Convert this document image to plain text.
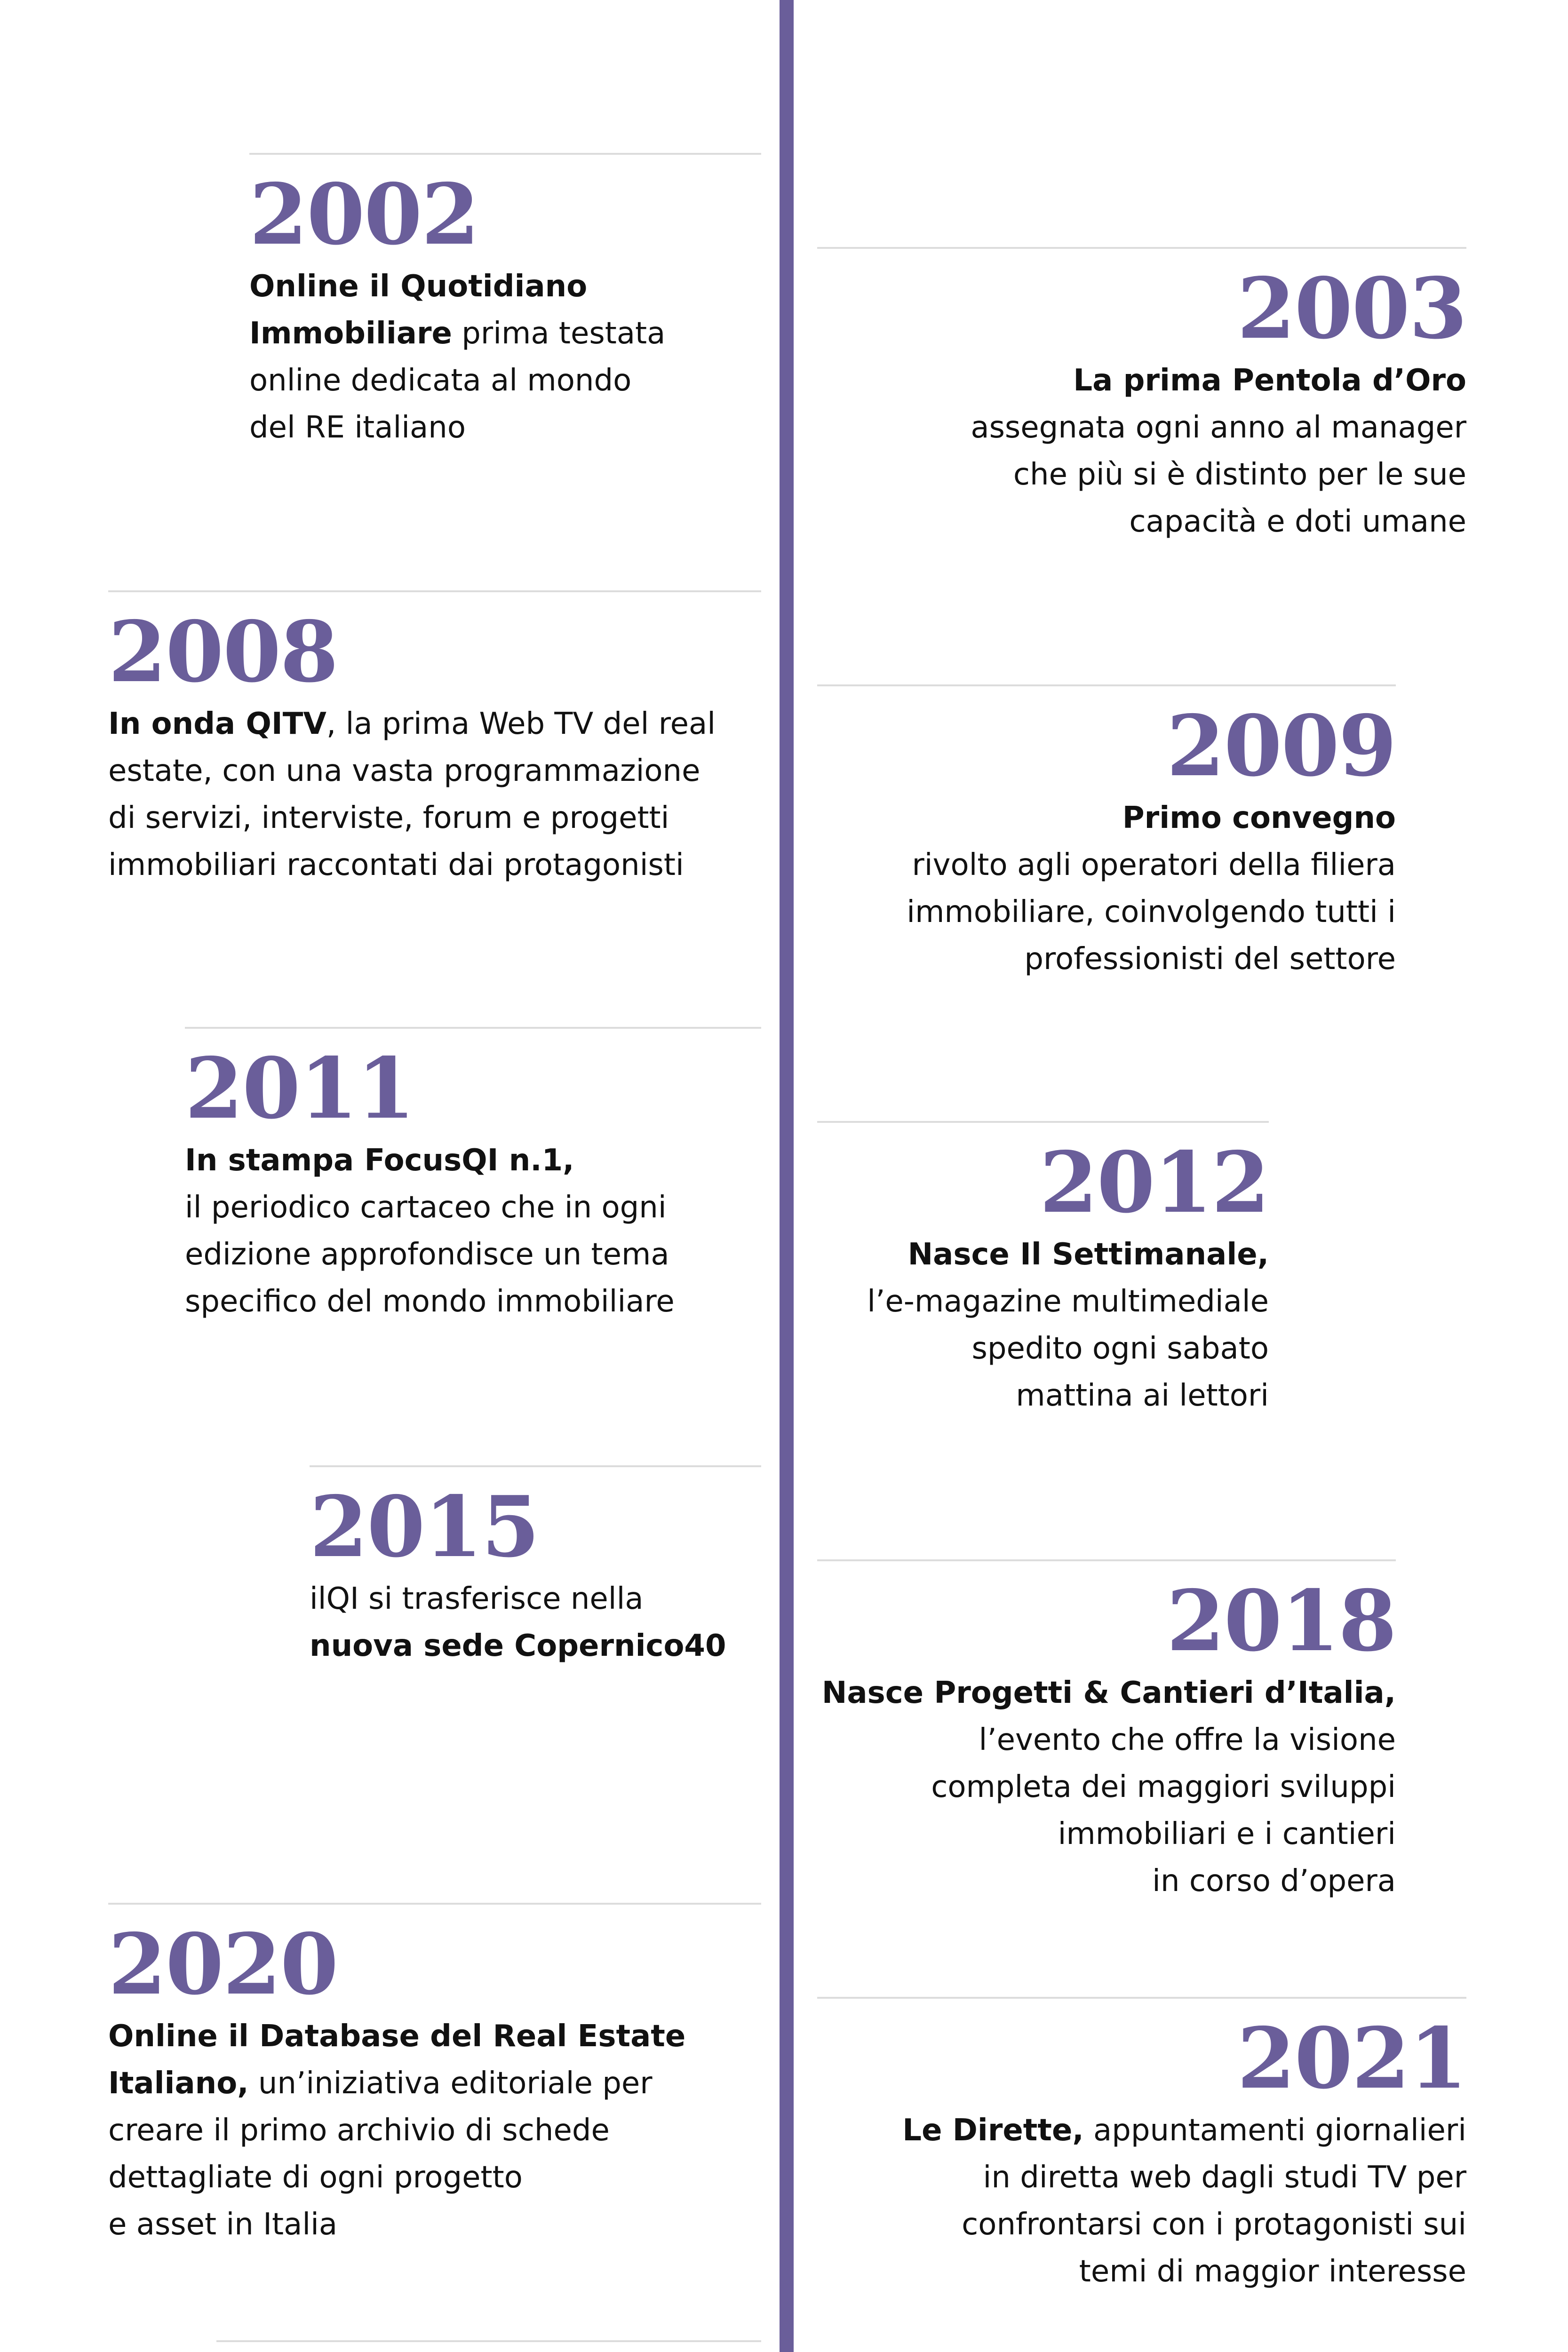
2002
Online il Quotidiano
Immobiliare prima testata
online dedicata al mondo
del RE italiano
2003
La prima Pentola d’Oro
assegnata ogni anno al manager
che più si è distinto per le sue
capacità e doti umane
2008
In onda QITV, la prima Web TV del real
estate, con una vasta programmazione
di servizi, interviste, forum e progetti
immobiliari raccontati dai protagonisti
2009
Primo convegno
rivolto agli operatori della filiera
immobiliare, coinvolgendo tutti i
professionisti del settore
2011
In stampa FocusQI n.1,
il periodico cartaceo che in ogni
edizione approfondisce un tema
specifico del mondo immobiliare
2012
Nasce Il Settimanale,
l’e-magazine multimediale
spedito ogni sabato
mattina ai lettori
2015
ilQI si trasferisce nella
nuova sede Copernico40	2018
Nasce Progetti & Cantieri d’Italia,
l’evento che offre la visione
completa dei maggiori sviluppi
immobiliari e i cantieri
in corso d’opera
2020
Online il Database del Real Estate
Italiano, un’iniziativa editoriale per
creare il primo archivio di schede
dettagliate di ogni progetto
e asset in Italia
2021
Le Dirette, appuntamenti giornalieri
in diretta web dagli studi TV per
confrontarsi con i protagonisti sui
temi di maggior interesse
